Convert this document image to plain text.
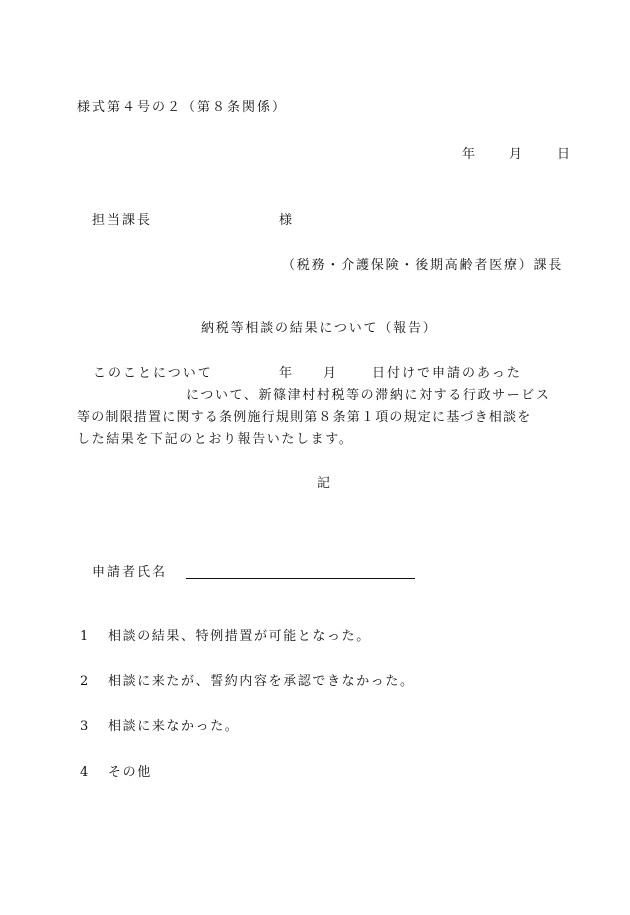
様式第４号の２（第８条関係）
年 月	日
担当課長	様
（税務・介護保険・後期高齢者医療）課長
納税等相談の結果について（報告）
このことについて	年 月	日付けで申請のあった
について、新篠津村村税等の滞納に対する行政サービス
等の制限措置に関する条例施行規則第８条第１項の規定に基づき相談を
した結果を下記のとおり報告いたします。
記
申請者氏名
1 相談の結果、特例措置が可能となった。
2 相談に来たが、誓約内容を承認できなかった。
3 相談に来なかった。
4 その他
